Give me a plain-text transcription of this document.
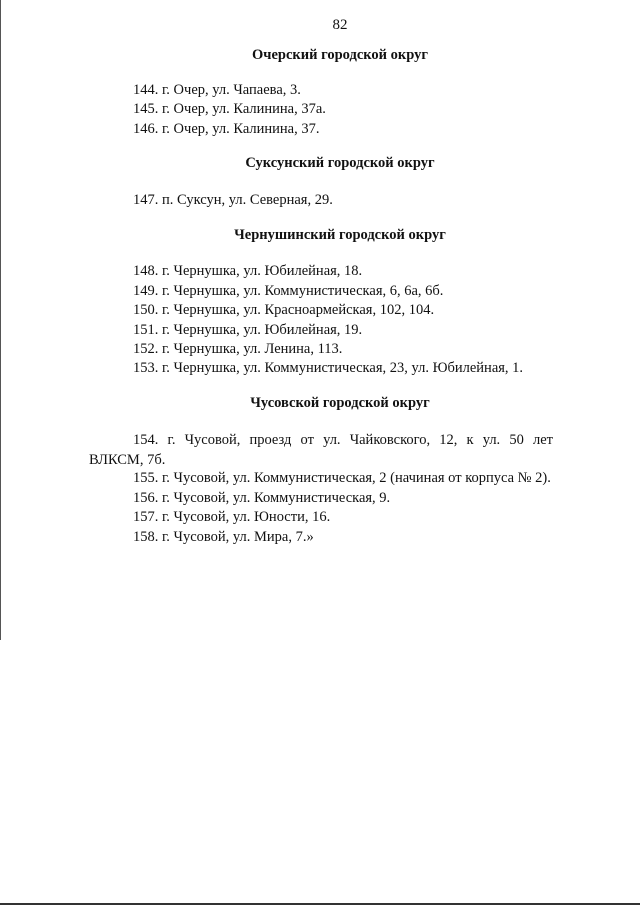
82
Очерский городской округ
144. г. Очер, ул. Чапаева, 3.
145. г. Очер, ул. Калинина, 37а.
146. г. Очер, ул. Калинина, 37.
Суксунский городской округ
147. п. Суксун, ул. Северная, 29.
Чернушинский городской округ
148. г. Чернушка, ул. Юбилейная, 18.
149. г. Чернушка, ул. Коммунистическая, 6, 6а, 6б.
150. г. Чернушка, ул. Красноармейская, 102, 104.
151. г. Чернушка, ул. Юбилейная, 19.
152. г. Чернушка, ул. Ленина, 113.
153. г. Чернушка, ул. Коммунистическая, 23, ул. Юбилейная, 1.
Чусовской городской округ
154. г. Чусовой, проезд от ул. Чайковского, 12, к ул. 50 лет
ВЛКСМ, 7б.
155. г. Чусовой, ул. Коммунистическая, 2 (начиная от корпуса № 2).
156. г. Чусовой, ул. Коммунистическая, 9.
157. г. Чусовой, ул. Юности, 16.
158. г. Чусовой, ул. Мира, 7.»
